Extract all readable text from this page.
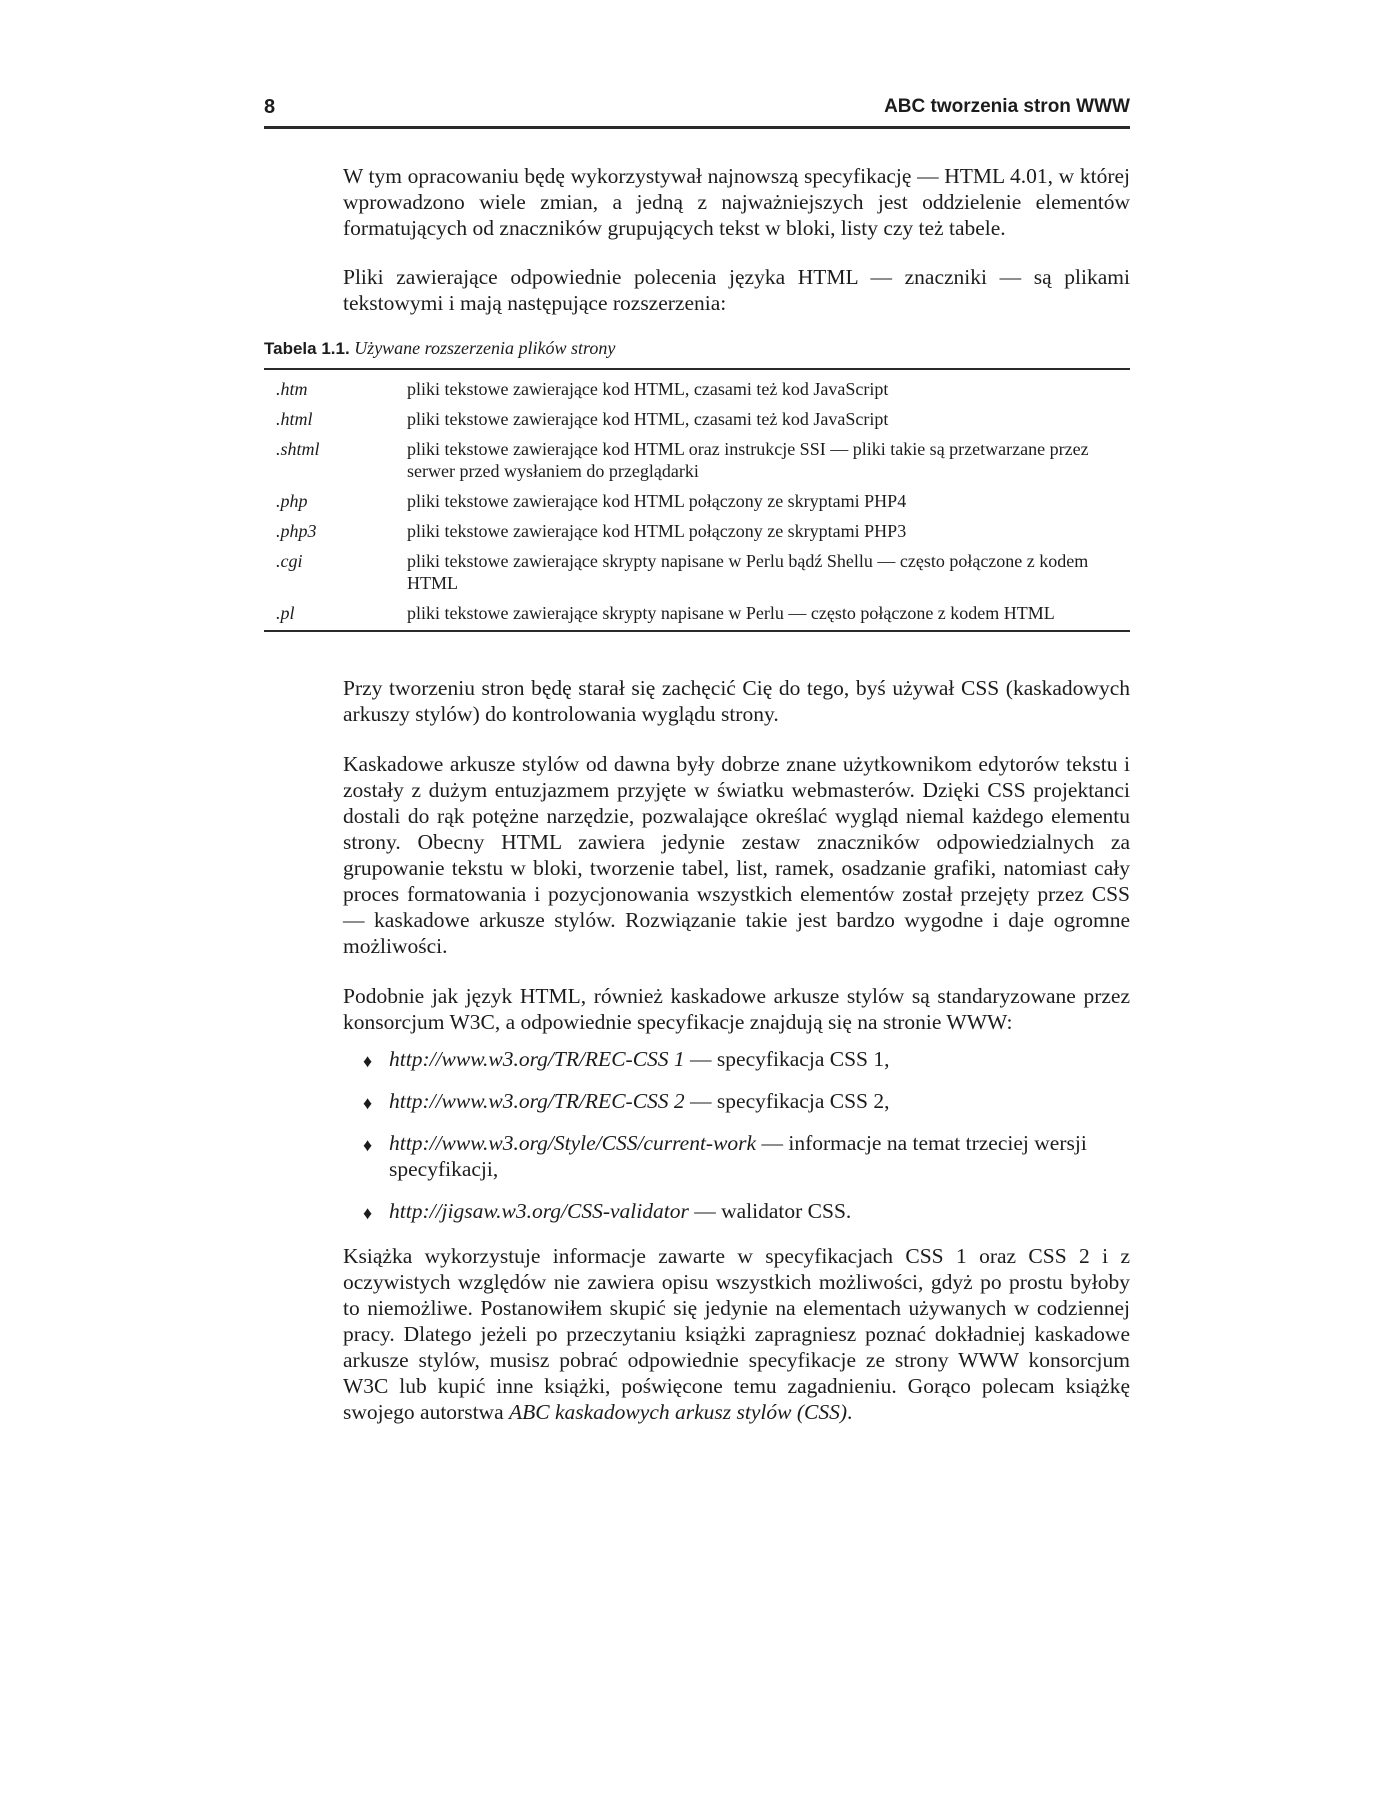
8	ABC tworzenia stron WWW

W tym opracowaniu będę wykorzystywał najnowszą specyfikację — HTML 4.01, w której wprowadzono wiele zmian, a jedną z najważniejszych jest oddzielenie elementów formatujących od znaczników grupujących tekst w bloki, listy czy też tabele.

Pliki zawierające odpowiednie polecenia języka HTML — znaczniki — są plikami tekstowymi i mają następujące rozszerzenia:

Tabela 1.1. Używane rozszerzenia plików strony
.htm	pliki tekstowe zawierające kod HTML, czasami też kod JavaScript
.html	pliki tekstowe zawierające kod HTML, czasami też kod JavaScript
.shtml	pliki tekstowe zawierające kod HTML oraz instrukcje SSI — pliki takie są przetwarzane przez serwer przed wysłaniem do przeglądarki
.php	pliki tekstowe zawierające kod HTML połączony ze skryptami PHP4
.php3	pliki tekstowe zawierające kod HTML połączony ze skryptami PHP3
.cgi	pliki tekstowe zawierające skrypty napisane w Perlu bądź Shellu — często połączone z kodem HTML
.pl	pliki tekstowe zawierające skrypty napisane w Perlu — często połączone z kodem HTML

Przy tworzeniu stron będę starał się zachęcić Cię do tego, byś używał CSS (kaskadowych arkuszy stylów) do kontrolowania wyglądu strony.

Kaskadowe arkusze stylów od dawna były dobrze znane użytkownikom edytorów tekstu i zostały z dużym entuzjazmem przyjęte w światku webmasterów. Dzięki CSS projektanci dostali do rąk potężne narzędzie, pozwalające określać wygląd niemal każdego elementu strony. Obecny HTML zawiera jedynie zestaw znaczników odpowiedzialnych za grupowanie tekstu w bloki, tworzenie tabel, list, ramek, osadzanie grafiki, natomiast cały proces formatowania i pozycjonowania wszystkich elementów został przejęty przez CSS — kaskadowe arkusze stylów. Rozwiązanie takie jest bardzo wygodne i daje ogromne możliwości.

Podobnie jak język HTML, również kaskadowe arkusze stylów są standaryzowane przez konsorcjum W3C, a odpowiednie specyfikacje znajdują się na stronie WWW:

♦ http://www.w3.org/TR/REC-CSS 1 — specyfikacja CSS 1,
♦ http://www.w3.org/TR/REC-CSS 2 — specyfikacja CSS 2,
♦ http://www.w3.org/Style/CSS/current-work — informacje na temat trzeciej wersji specyfikacji,
♦ http://jigsaw.w3.org/CSS-validator — walidator CSS.

Książka wykorzystuje informacje zawarte w specyfikacjach CSS 1 oraz CSS 2 i z oczywistych względów nie zawiera opisu wszystkich możliwości, gdyż po prostu byłoby to niemożliwe. Postanowiłem skupić się jedynie na elementach używanych w codziennej pracy. Dlatego jeżeli po przeczytaniu książki zapragniesz poznać dokładniej kaskadowe arkusze stylów, musisz pobrać odpowiednie specyfikacje ze strony WWW konsorcjum W3C lub kupić inne książki, poświęcone temu zagadnieniu. Gorąco polecam książkę swojego autorstwa ABC kaskadowych arkusz stylów (CSS).
